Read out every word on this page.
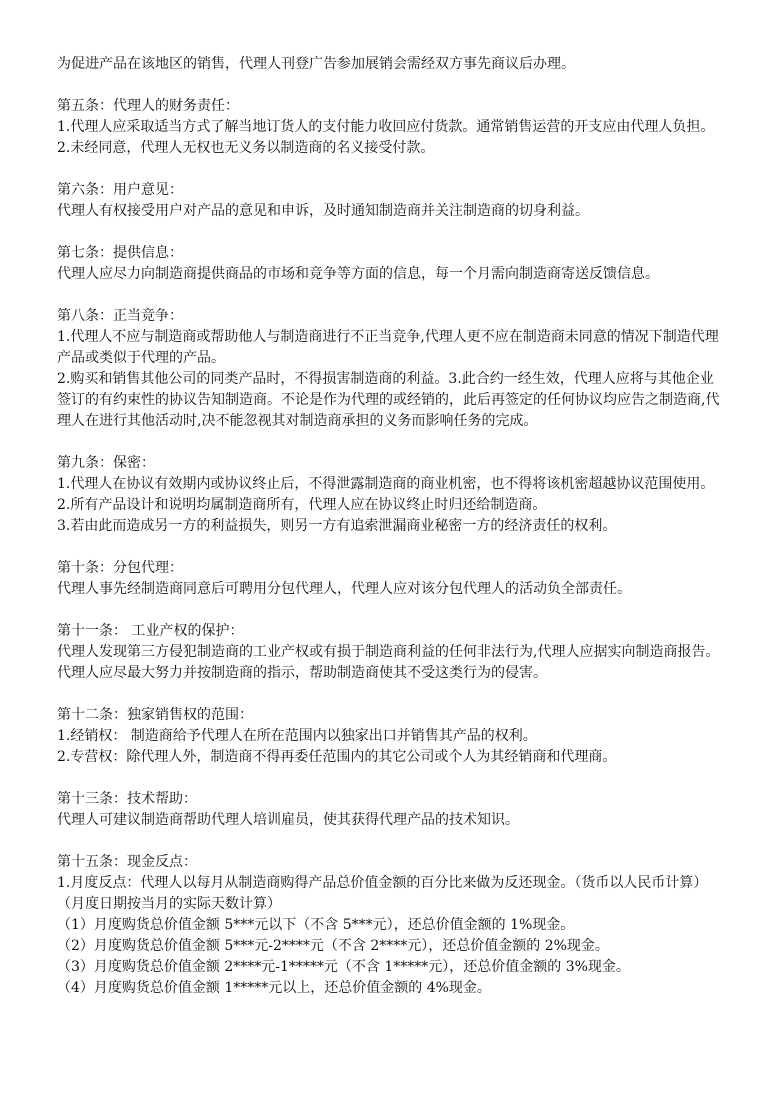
为促进产品在该地区的销售，代理人刊登广告参加展销会需经双方事先商议后办理。

第五条：代理人的财务责任：

1.代理人应采取适当方式了解当地订货人的支付能力收回应付货款。通常销售运营的开支应由代理人负担。

2.未经同意，代理人无权也无义务以制造商的名义接受付款。

第六条：用户意见：

代理人有权接受用户对产品的意见和申诉，及时通知制造商并关注制造商的切身利益。

第七条：提供信息：

代理人应尽力向制造商提供商品的市场和竞争等方面的信息，每一个月需向制造商寄送反馈信息。

第八条：正当竞争：

1.代理人不应与制造商或帮助他人与制造商进行不正当竞争,代理人更不应在制造商未同意的情况下制造代理产品或类似于代理的产品。

2.购买和销售其他公司的同类产品时，不得损害制造商的利益。3.此合约一经生效，代理人应将与其他企业签订的有约束性的协议告知制造商。不论是作为代理的或经销的，此后再签定的任何协议均应告之制造商,代理人在进行其他活动时,决不能忽视其对制造商承担的义务而影响任务的完成。

第九条：保密：

1.代理人在协议有效期内或协议终止后，不得泄露制造商的商业机密，也不得将该机密超越协议范围使用。

2.所有产品设计和说明均属制造商所有，代理人应在协议终止时归还给制造商。

3.若由此而造成另一方的利益损失，则另一方有追索泄漏商业秘密一方的经济责任的权利。

第十条：分包代理：

代理人事先经制造商同意后可聘用分包代理人，代理人应对该分包代理人的活动负全部责任。

第十一条： 工业产权的保护：

代理人发现第三方侵犯制造商的工业产权或有损于制造商利益的任何非法行为,代理人应据实向制造商报告。代理人应尽最大努力并按制造商的指示，帮助制造商使其不受这类行为的侵害。

第十二条：独家销售权的范围：

1.经销权： 制造商给予代理人在所在范围内以独家出口并销售其产品的权利。

2.专营权：除代理人外，制造商不得再委任范围内的其它公司或个人为其经销商和代理商。

第十三条：技术帮助：

代理人可建议制造商帮助代理人培训雇员，使其获得代理产品的技术知识。

第十五条：现金反点：

1.月度反点：代理人以每月从制造商购得产品总价值金额的百分比来做为反还现金。（货币以人民币计算）（月度日期按当月的实际天数计算）

（1）月度购货总价值金额 5***元以下（不含 5***元），还总价值金额的 1%现金。

（2）月度购货总价值金额 5***元-2****元（不含 2****元），还总价值金额的 2%现金。

（3）月度购货总价值金额 2****元-1*****元（不含 1*****元），还总价值金额的 3%现金。

（4）月度购货总价值金额 1*****元以上，还总价值金额的 4%现金。
